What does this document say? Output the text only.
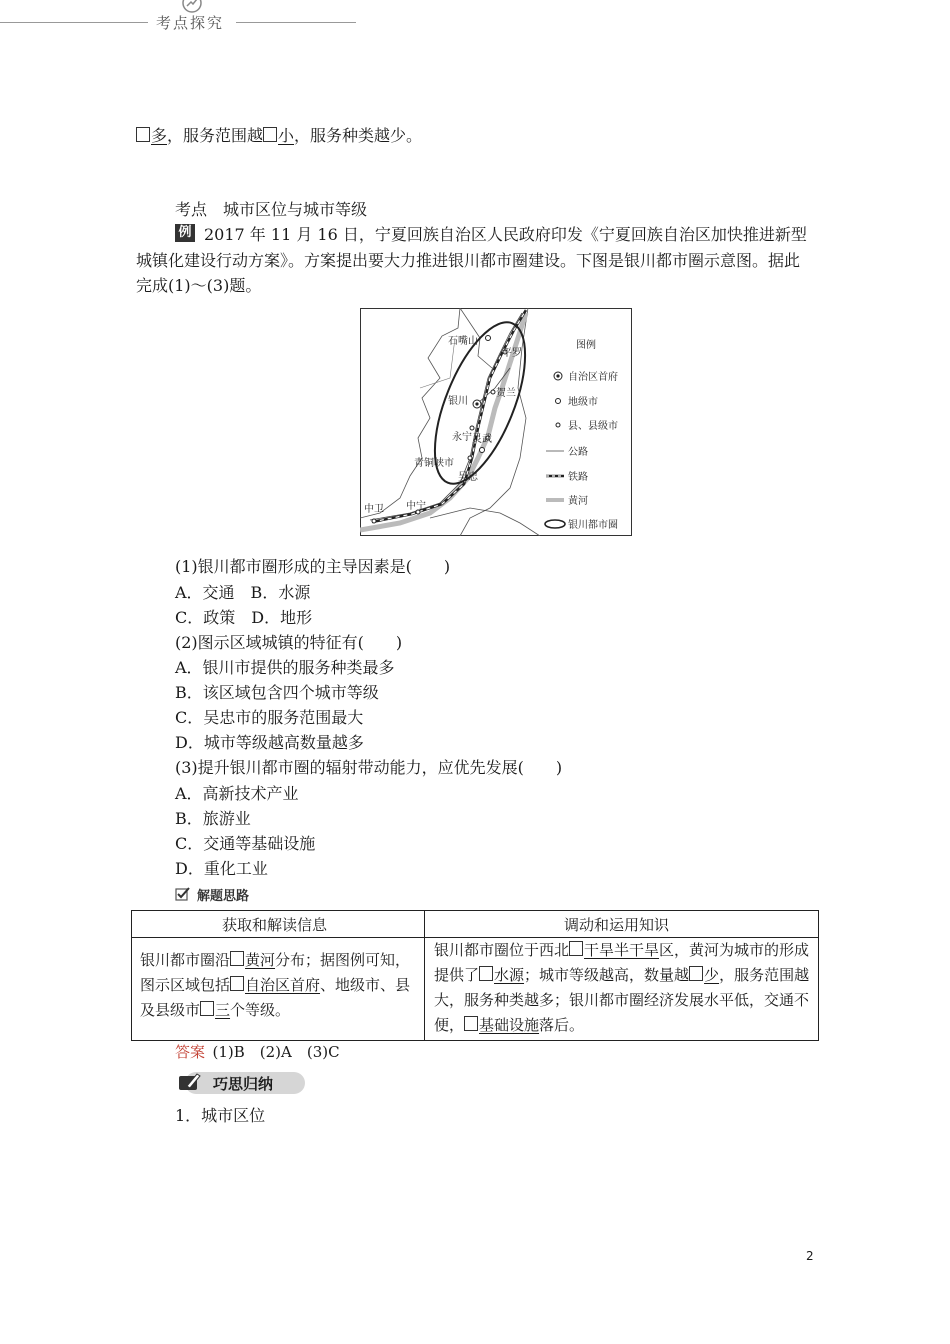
多，服务范围越 小，服务种类越少。
考点探究
考点  城市区位与城市等级
例 2017 年 11 月 16 日，宁夏回族自治区人民政府印发《宁夏回族自治区加快推进新型
城镇化建设行动方案》。方案提出要大力推进银川都市圈建设。下图是银川都市圈示意图。据此
完成(1)～(3)题。
石嘴山
平罗
贺兰
银川
永宁 灵武
青铜峡市
吴忠
中卫 中宁
图例
自治区首府
地级市
县、县级市
公路
铁路
黄河
银川都市圈
(1)银川都市圈形成的主导因素是(　　)
A．交通　B．水源
C．政策　D．地形
(2)图示区域城镇的特征有(　　)
A．银川市提供的服务种类最多
B．该区域包含四个城市等级
C．吴忠市的服务范围最大
D．城市等级越高数量越多
(3)提升银川都市圈的辐射带动能力，应优先发展(　　)
A．高新技术产业
B．旅游业
C．交通等基础设施
D．重化工业
解题思路
获取和解读信息	调动和运用知识
银川都市圈沿 黄河分布；据图例可知，图示区域包括 自治区首府、地级市、县及县级市 三个等级。
银川都市圈位于西北 干旱半干旱区，黄河为城市的形成提供了 水源；城市等级越高，数量越 少，服务范围越大，服务种类越多；银川都市圈经济发展水平低，交通不便， 基础设施落后。
答案  (1)B　(2)A　(3)C
巧思归纳
1．城市区位
2
